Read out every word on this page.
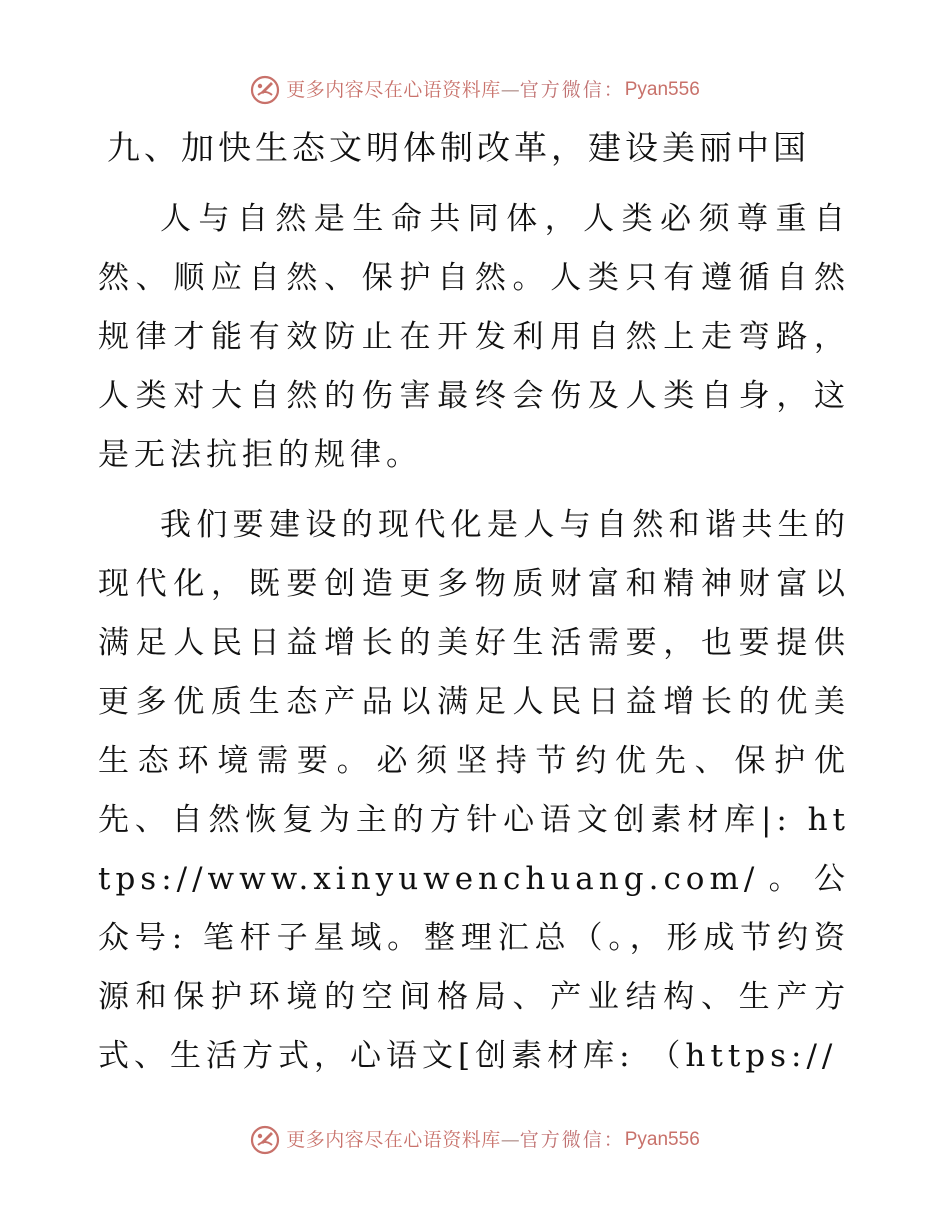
更多内容尽在心语资料库 — 官方微信： Pyan556
九、加快生态文明体制改革，建设美丽中国

人与自然是生命共同体，人类必须尊重自然、顺应自然、保护自然。人类只有遵循自然规律才能有效防止在开发利用自然上走弯路，人类对大自然的伤害最终会伤及人类自身，这是无法抗拒的规律。

我们要建设的现代化是人与自然和谐共生的现代化，既要创造更多物质财富和精神财富以满足人民日益增长的美好生活需要，也要提供更多优质生态产品以满足人民日益增长的优美生态环境需要。必须坚持节约优先、保护优先、自然恢复为主的方针心语文创素材库|: https://www.xinyuwenchuang.com/。公众号: 笔杆子星域。整理汇总（。，形成节约资源和保护环境的空间格局、产业结构、生产方式、生活方式，心语文[创素材库: （https://

更多内容尽在心语资料库 — 官方微信： Pyan556
